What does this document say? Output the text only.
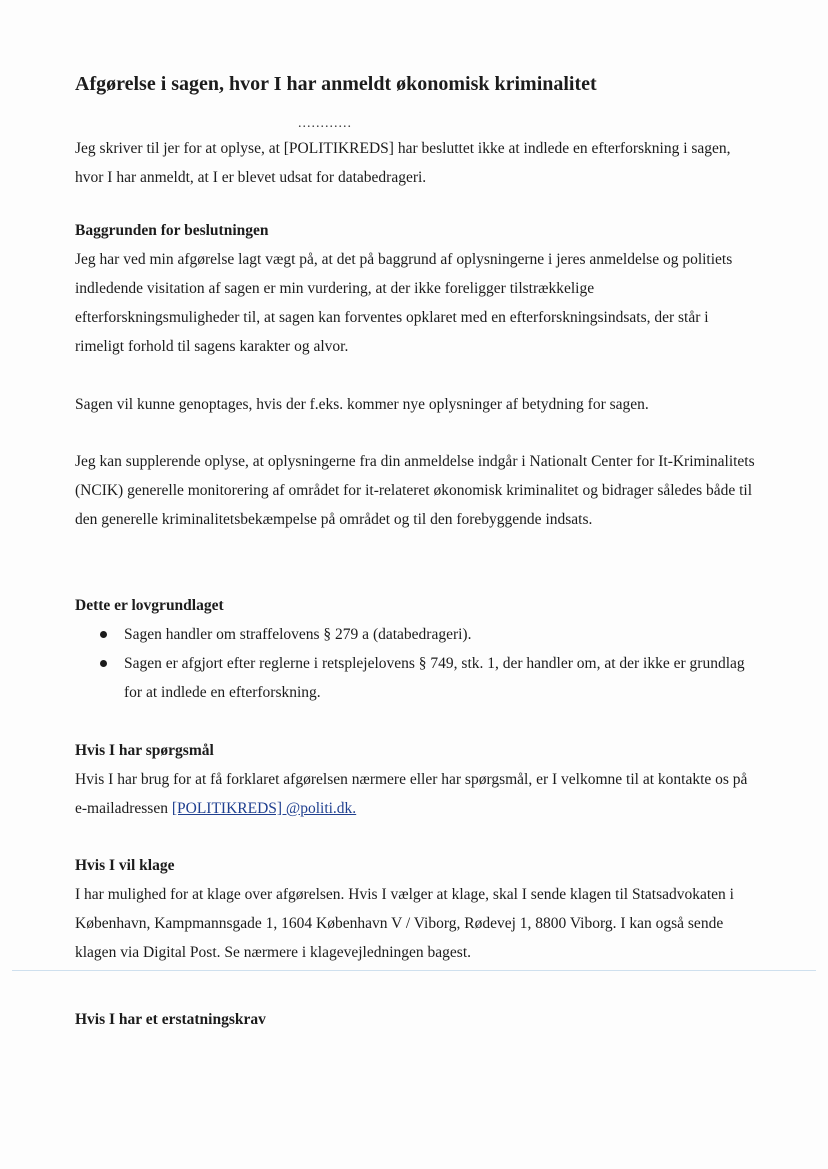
Afgørelse i sagen, hvor I har anmeldt økonomisk kriminalitet
............

Jeg skriver til jer for at oplyse, at [POLITIKREDS] har besluttet ikke at indlede en efterforskning i sagen, hvor I har anmeldt, at I er blevet udsat for databedrageri.

Baggrunden for beslutningen

Jeg har ved min afgørelse lagt vægt på, at det på baggrund af oplysningerne i jeres anmeldelse og politiets indledende visitation af sagen er min vurdering, at der ikke foreligger tilstrækkelige efterforskningsmuligheder til, at sagen kan forventes opklaret med en efterforskningsindsats, der står i rimeligt forhold til sagens karakter og alvor.

Sagen vil kunne genoptages, hvis der f.eks. kommer nye oplysninger af betydning for sagen.

Jeg kan supplerende oplyse, at oplysningerne fra din anmeldelse indgår i Nationalt Center for It-Kriminalitets (NCIK) generelle monitorering af området for it-relateret økonomisk kriminalitet og bidrager således både til den generelle kriminalitetsbekæmpelse på området og til den forebyggende indsats.

Dette er lovgrundlaget

Sagen handler om straffelovens § 279 a (databedrageri).
Sagen er afgjort efter reglerne i retsplejelovens § 749, stk. 1, der handler om, at der ikke er grundlag for at indlede en efterforskning.

Hvis I har spørgsmål

Hvis I har brug for at få forklaret afgørelsen nærmere eller har spørgsmål, er I velkomne til at kontakte os på e-mailadressen [POLITIKREDS] @politi.dk.

Hvis I vil klage

I har mulighed for at klage over afgørelsen. Hvis I vælger at klage, skal I sende klagen til Statsadvokaten i København, Kampmannsgade 1, 1604 København V / Viborg, Rødevej 1, 8800 Viborg. I kan også sende klagen via Digital Post. Se nærmere i klagevejledningen bagest.

Hvis I har et erstatningskrav
